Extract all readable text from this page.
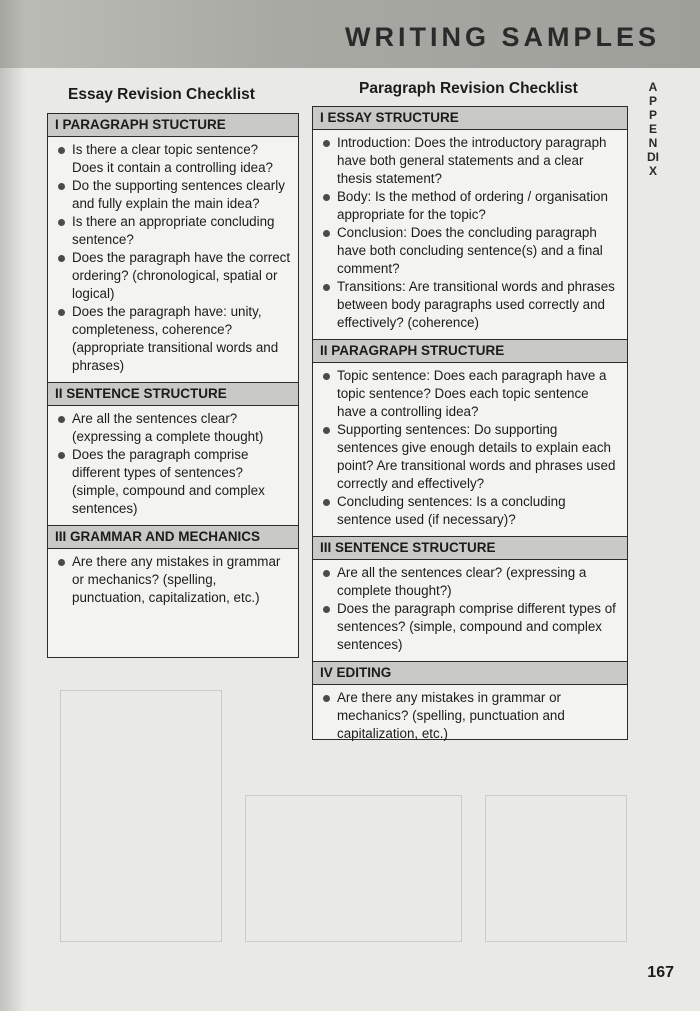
WRITING SAMPLES
APPENDIX
Essay Revision Checklist	Paragraph Revision Checklist
I PARAGRAPH STUCTURE
Is there a clear topic sentence? Does it contain a controlling idea?
Do the supporting sentences clearly and fully explain the main idea?
Is there an appropriate concluding sentence?
Does the paragraph have the correct ordering? (chronological, spatial or logical)
Does the paragraph have: unity, completeness, coherence? (appropriate transitional words and phrases)
II SENTENCE STRUCTURE
Are all the sentences clear? (expressing a complete thought)
Does the paragraph comprise different types of sentences? (simple, compound and complex sentences)
III GRAMMAR AND MECHANICS
Are there any mistakes in grammar or mechanics? (spelling, punctuation, capitalization, etc.)
I ESSAY STRUCTURE
Introduction: Does the introductory paragraph have both general statements and a clear thesis statement?
Body: Is the method of ordering / organisation appropriate for the topic?
Conclusion: Does the concluding paragraph have both concluding sentence(s) and a final comment?
Transitions: Are transitional words and phrases between body paragraphs used correctly and effectively? (coherence)
II PARAGRAPH STRUCTURE
Topic sentence: Does each paragraph have a topic sentence? Does each topic sentence have a controlling idea?
Supporting sentences: Do supporting sentences give enough details to explain each point? Are transitional words and phrases used correctly and effectively?
Concluding sentences: Is a concluding sentence used (if necessary)?
III SENTENCE STRUCTURE
Are all the sentences clear? (expressing a complete thought?)
Does the paragraph comprise different types of sentences? (simple, compound and complex sentences)
IV EDITING
Are there any mistakes in grammar or mechanics? (spelling, punctuation and capitalization, etc.)
167
